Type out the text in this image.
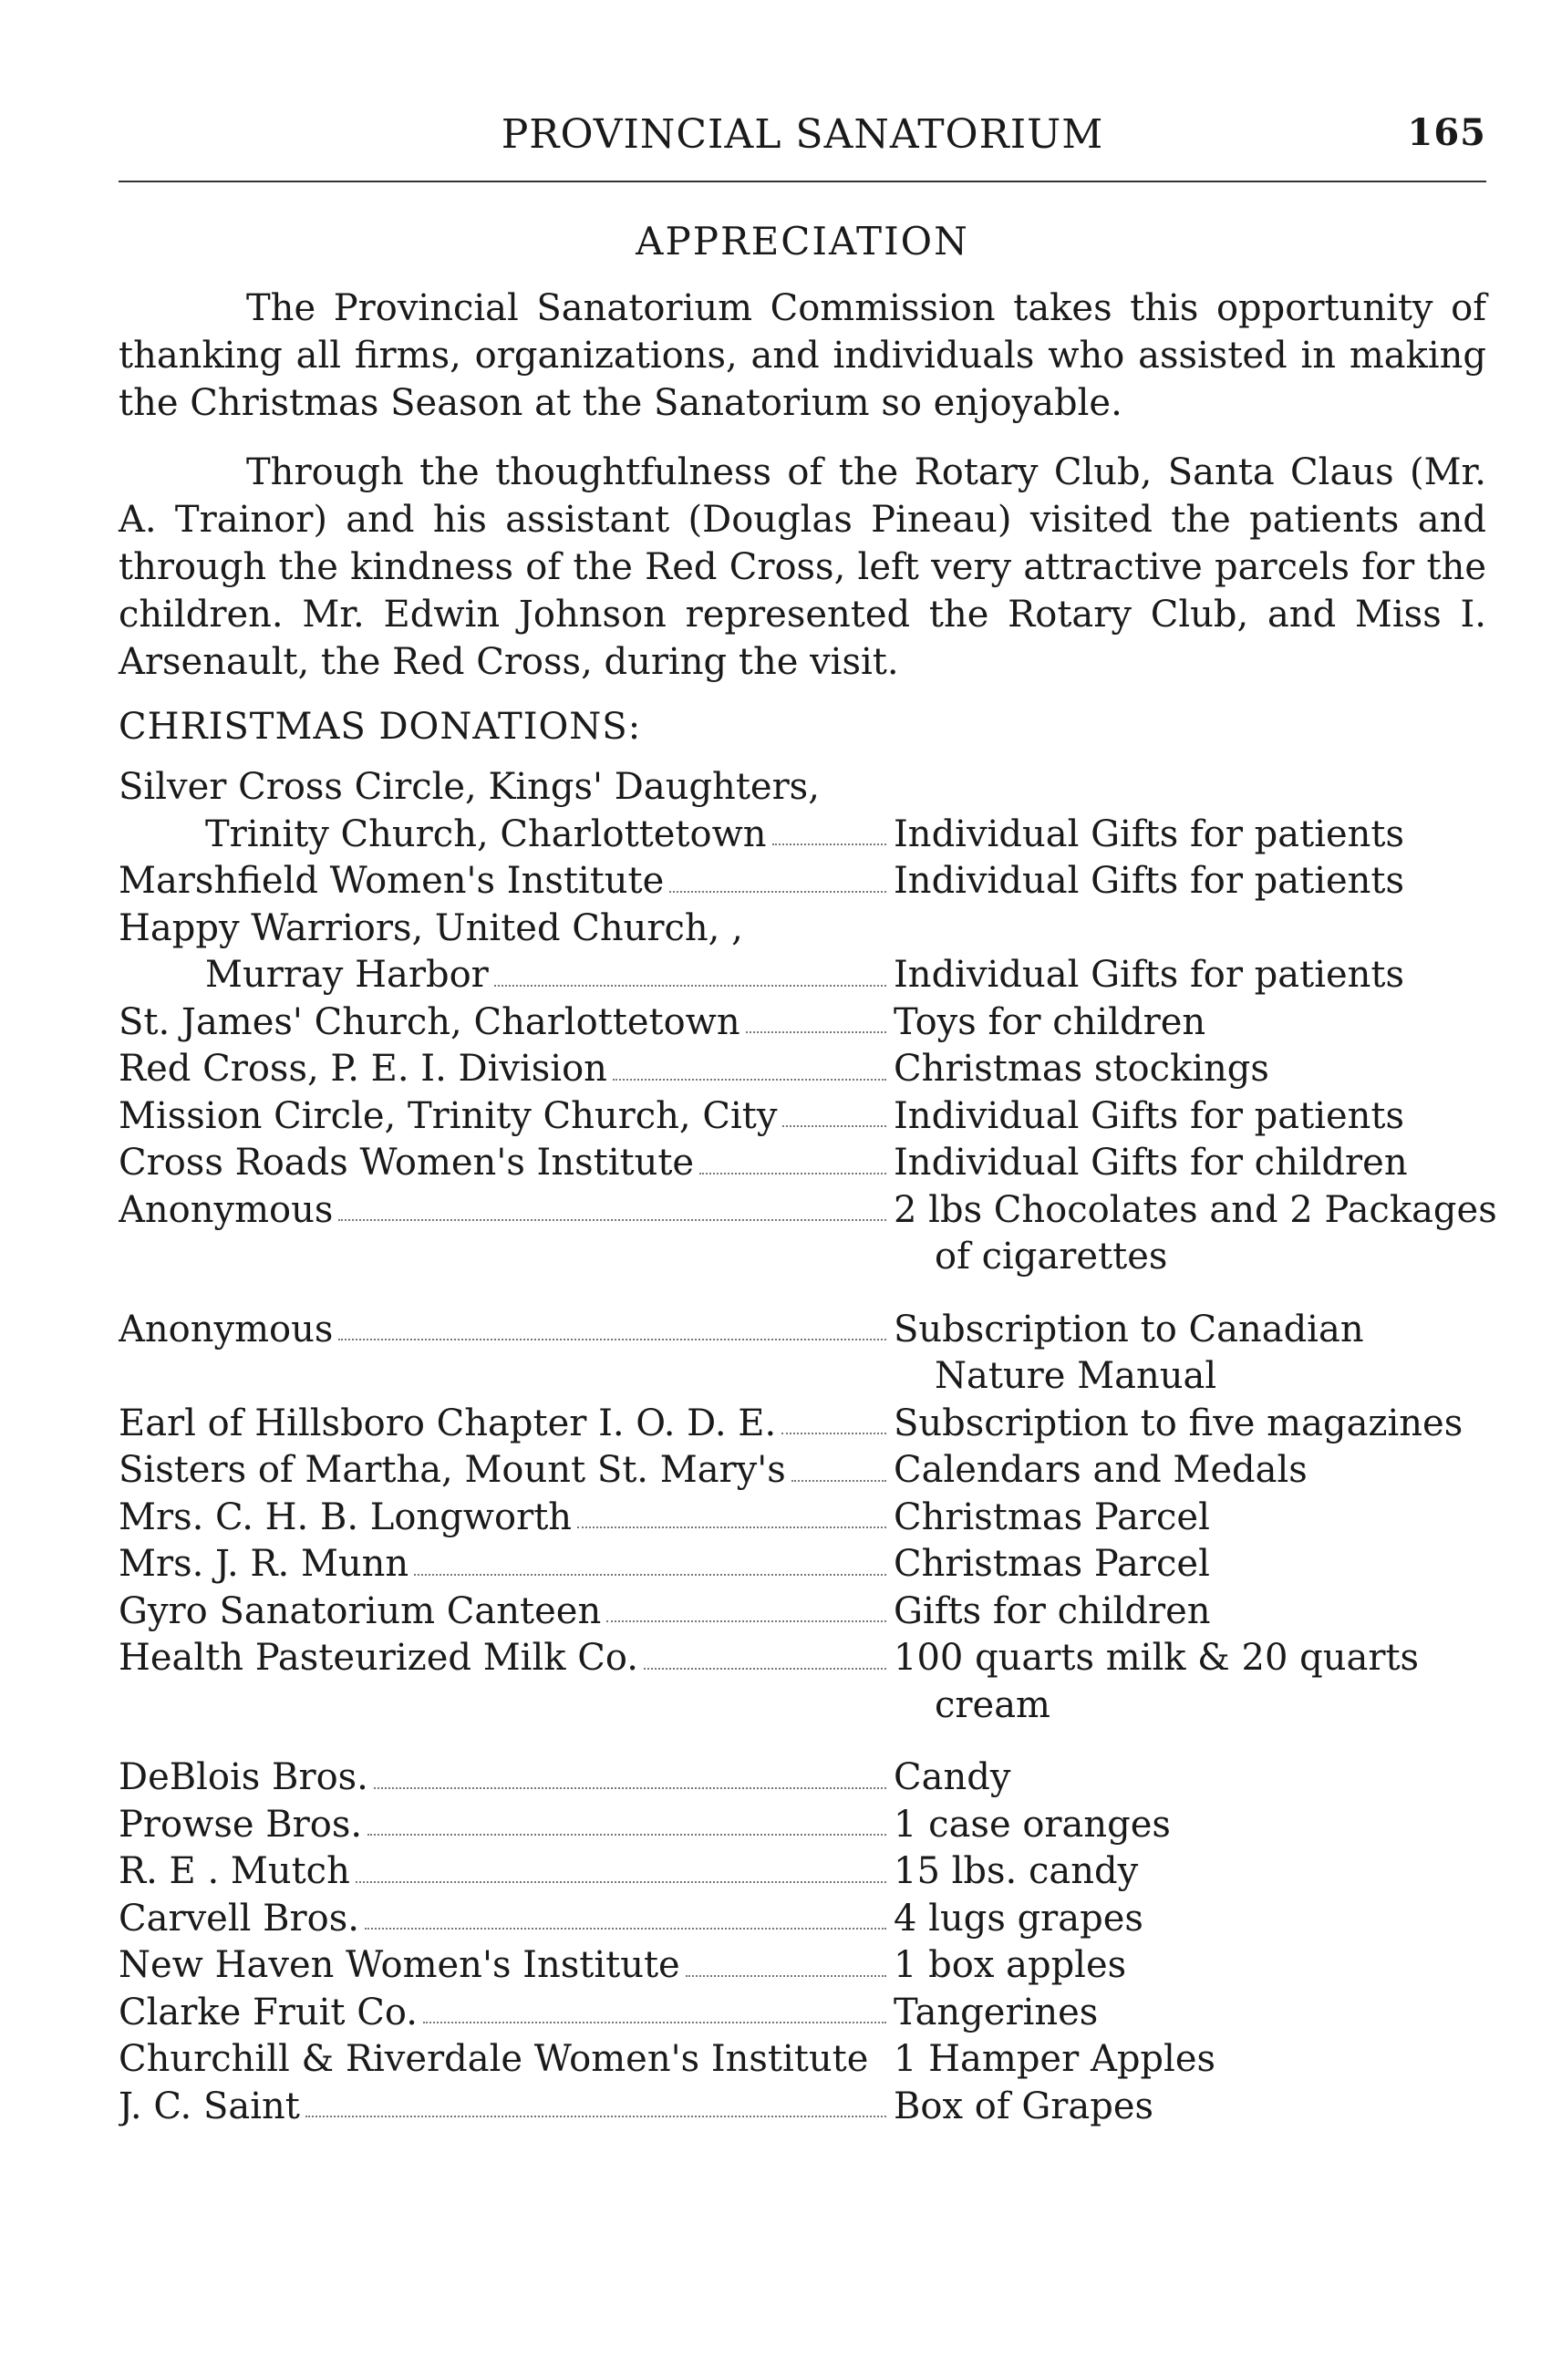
PROVINCIAL SANATORIUM	165
APPRECIATION

The Provincial Sanatorium Commission takes this opportunity of thanking all firms, organizations, and individuals who assisted in making the Christmas Season at the Sanatorium so enjoyable.

Through the thoughtfulness of the Rotary Club, Santa Claus (Mr. A. Trainor) and his assistant (Douglas Pineau) visited the patients and through the kindness of the Red Cross, left very attractive parcels for the children. Mr. Edwin Johnson represented the Rotary Club, and Miss I. Arsenault, the Red Cross, during the visit.

CHRISTMAS DONATIONS:
Silver Cross Circle, Kings' Daughters,
Trinity Church, Charlottetown	Individual Gifts for patients
Marshfield Women's Institute	Individual Gifts for patients
Happy Warriors, United Church, ,
Murray Harbor	Individual Gifts for patients
St. James' Church, Charlottetown	Toys for children
Red Cross, P. E. I. Division	Christmas stockings
Mission Circle, Trinity Church, City	Individual Gifts for patients
Cross Roads Women's Institute	Individual Gifts for children
Anonymous	2 lbs Chocolates and 2 Packages
of cigarettes
Anonymous	Subscription to Canadian
Nature Manual
Earl of Hillsboro Chapter I. O. D. E.	Subscription to five magazines
Sisters of Martha, Mount St. Mary's	Calendars and Medals
Mrs. C. H. B. Longworth	Christmas Parcel
Mrs. J. R. Munn	Christmas Parcel
Gyro Sanatorium Canteen	Gifts for children
Health Pasteurized Milk Co.	100 quarts milk & 20 quarts
cream
DeBlois Bros.	Candy
Prowse Bros.	1 case oranges
R. E . Mutch	15 lbs. candy
Carvell Bros.	4 lugs grapes
New Haven Women's Institute	1 box apples
Clarke Fruit Co.	Tangerines
Churchill & Riverdale Women's Institute 1 Hamper Apples
J. C. Saint	Box of Grapes
